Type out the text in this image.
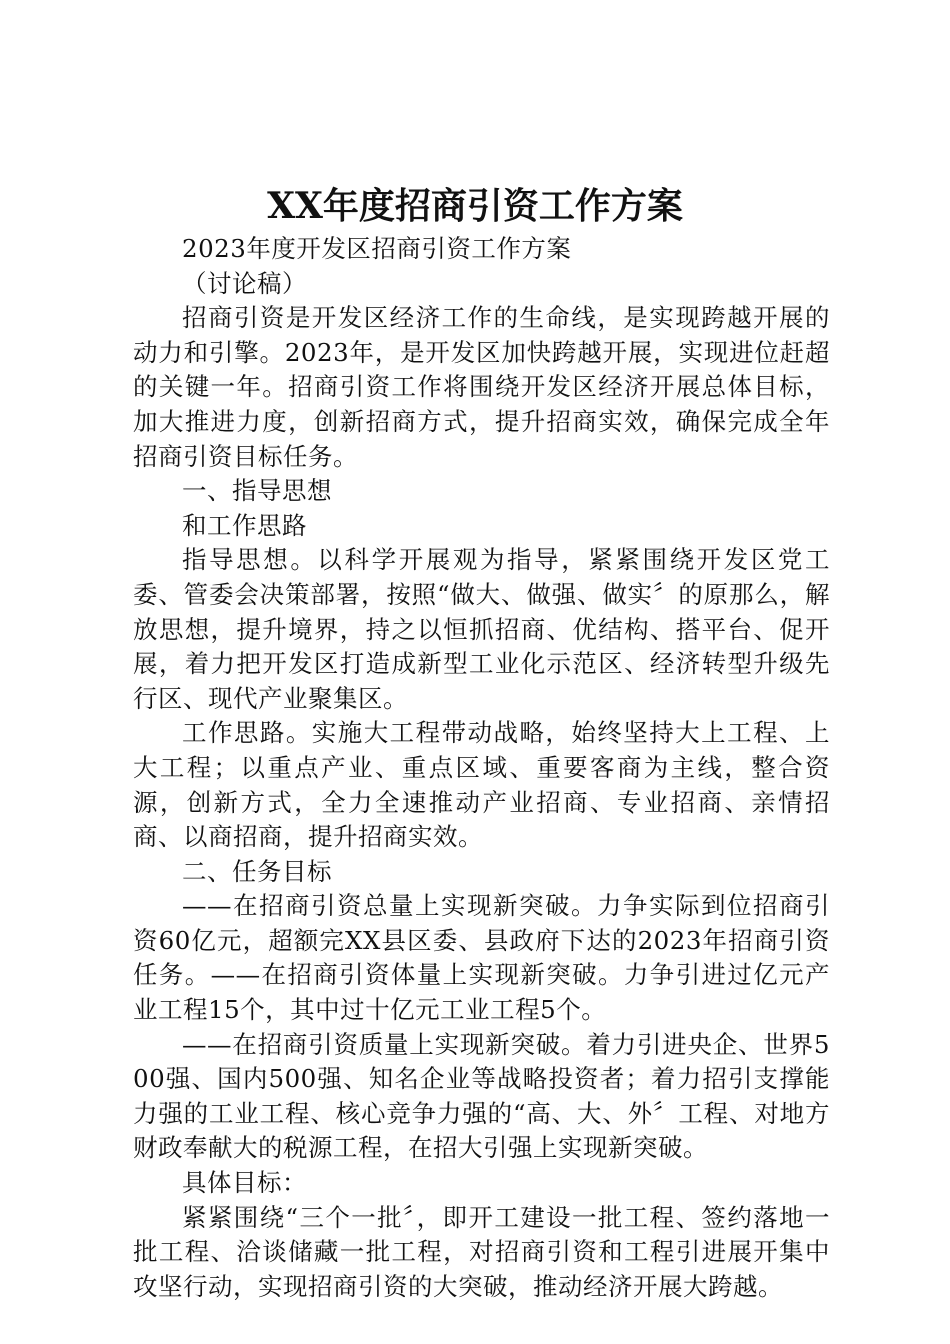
XX年度招商引资工作方案

2023年度开发区招商引资工作方案

（讨论稿）

招商引资是开发区经济工作的生命线，是实现跨越开展的动力和引擎。2023年，是开发区加快跨越开展，实现进位赶超的关键一年。招商引资工作将围绕开发区经济开展总体目标，加大推进力度，创新招商方式，提升招商实效，确保完成全年招商引资目标任务。

一、指导思想

和工作思路

指导思想。以科学开展观为指导，紧紧围绕开发区党工委、管委会决策部署，按照“做大、做强、做实〞的原那么，解放思想，提升境界，持之以恒抓招商、优结构、搭平台、促开展，着力把开发区打造成新型工业化示范区、经济转型升级先行区、现代产业聚集区。

工作思路。实施大工程带动战略，始终坚持大上工程、上大工程；以重点产业、重点区域、重要客商为主线，整合资源，创新方式，全力全速推动产业招商、专业招商、亲情招商、以商招商，提升招商实效。

二、任务目标

——在招商引资总量上实现新突破。力争实际到位招商引资60亿元，超额完XX县区委、县政府下达的2023年招商引资任务。——在招商引资体量上实现新突破。力争引进过亿元产业工程15个，其中过十亿元工业工程5个。

——在招商引资质量上实现新突破。着力引进央企、世界500强、国内500强、知名企业等战略投资者；着力招引支撑能力强的工业工程、核心竞争力强的“高、大、外〞工程、对地方财政奉献大的税源工程，在招大引强上实现新突破。

具体目标：

紧紧围绕“三个一批〞，即开工建设一批工程、签约落地一批工程、洽谈储藏一批工程，对招商引资和工程引进展开集中攻坚行动，实现招商引资的大突破，推动经济开展大跨越。
